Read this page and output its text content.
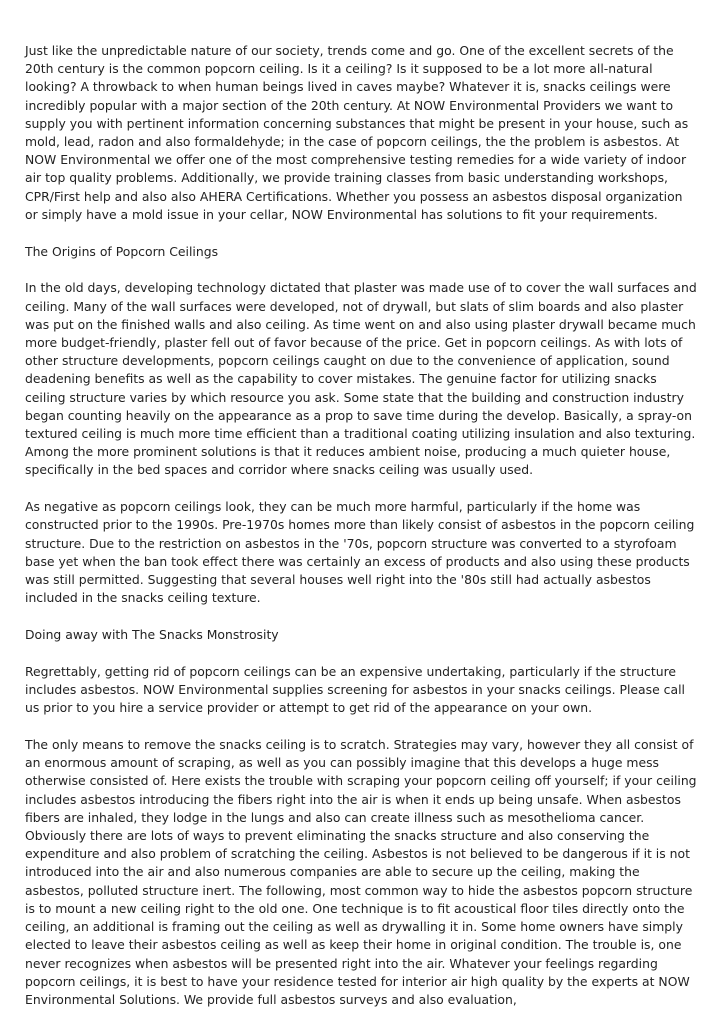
Just like the unpredictable nature of our society, trends come and go. One of the excellent secrets of the 20th century is the common popcorn ceiling. Is it a ceiling? Is it supposed to be a lot more all-natural looking? A throwback to when human beings lived in caves maybe? Whatever it is, snacks ceilings were incredibly popular with a major section of the 20th century. At NOW Environmental Providers we want to supply you with pertinent information concerning substances that might be present in your house, such as mold, lead, radon and also formaldehyde; in the case of popcorn ceilings, the the problem is asbestos. At NOW Environmental we offer one of the most comprehensive testing remedies for a wide variety of indoor air top quality problems. Additionally, we provide training classes from basic understanding workshops, CPR/First help and also also AHERA Certifications. Whether you possess an asbestos disposal organization or simply have a mold issue in your cellar, NOW Environmental has solutions to fit your requirements.

The Origins of Popcorn Ceilings

In the old days, developing technology dictated that plaster was made use of to cover the wall surfaces and ceiling. Many of the wall surfaces were developed, not of drywall, but slats of slim boards and also plaster was put on the finished walls and also ceiling. As time went on and also using plaster drywall became much more budget-friendly, plaster fell out of favor because of the price. Get in popcorn ceilings. As with lots of other structure developments, popcorn ceilings caught on due to the convenience of application, sound deadening benefits as well as the capability to cover mistakes. The genuine factor for utilizing snacks ceiling structure varies by which resource you ask. Some state that the building and construction industry began counting heavily on the appearance as a prop to save time during the develop. Basically, a spray-on textured ceiling is much more time efficient than a traditional coating utilizing insulation and also texturing. Among the more prominent solutions is that it reduces ambient noise, producing a much quieter house, specifically in the bed spaces and corridor where snacks ceiling was usually used.

As negative as popcorn ceilings look, they can be much more harmful, particularly if the home was constructed prior to the 1990s. Pre-1970s homes more than likely consist of asbestos in the popcorn ceiling structure. Due to the restriction on asbestos in the '70s, popcorn structure was converted to a styrofoam base yet when the ban took effect there was certainly an excess of products and also using these products was still permitted. Suggesting that several houses well right into the '80s still had actually asbestos included in the snacks ceiling texture.

Doing away with The Snacks Monstrosity

Regrettably, getting rid of popcorn ceilings can be an expensive undertaking, particularly if the structure includes asbestos. NOW Environmental supplies screening for asbestos in your snacks ceilings. Please call us prior to you hire a service provider or attempt to get rid of the appearance on your own.

The only means to remove the snacks ceiling is to scratch. Strategies may vary, however they all consist of an enormous amount of scraping, as well as you can possibly imagine that this develops a huge mess otherwise consisted of. Here exists the trouble with scraping your popcorn ceiling off yourself; if your ceiling includes asbestos introducing the fibers right into the air is when it ends up being unsafe. When asbestos fibers are inhaled, they lodge in the lungs and also can create illness such as mesothelioma cancer. Obviously there are lots of ways to prevent eliminating the snacks structure and also conserving the expenditure and also problem of scratching the ceiling. Asbestos is not believed to be dangerous if it is not introduced into the air and also numerous companies are able to secure up the ceiling, making the asbestos, polluted structure inert. The following, most common way to hide the asbestos popcorn structure is to mount a new ceiling right to the old one. One technique is to fit acoustical floor tiles directly onto the ceiling, an additional is framing out the ceiling as well as drywalling it in. Some home owners have simply elected to leave their asbestos ceiling as well as keep their home in original condition. The trouble is, one never recognizes when asbestos will be presented right into the air. Whatever your feelings regarding popcorn ceilings, it is best to have your residence tested for interior air high quality by the experts at NOW Environmental Solutions. We provide full asbestos surveys and also evaluation,
